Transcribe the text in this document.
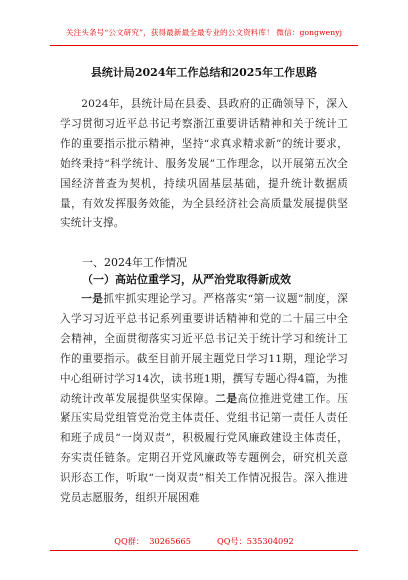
关注头条号“公文研究”，获得最新最全最专业的公文资料库！ 微信：gongwenyj
县统计局2024年工作总结和2025年工作思路
2024年，县统计局在县委、县政府的正确领导下，深入学习贯彻习近平总书记考察浙江重要讲话精神和关于统计工作的重要指示批示精神，坚持“求真求精求新”的统计要求，始终秉持“科学统计、服务发展”工作理念，以开展第五次全国经济普查为契机，持续巩固基层基础，提升统计数据质量，有效发挥服务效能，为全县经济社会高质量发展提供坚实统计支撑。
一、2024年工作情况
（一）高站位重学习，从严治党取得新成效
一是抓牢抓实理论学习。严格落实“第一议题”制度，深入学习习近平总书记系列重要讲话精神和党的二十届三中全会精神，全面贯彻落实习近平总书记关于统计学习和统计工作的重要指示。截至目前开展主题党日学习11期，理论学习中心组研讨学习14次，读书班1期，撰写专题心得4篇，为推动统计改革发展提供坚实保障。二是高位推进党建工作。压紧压实局党组管党治党主体责任、党组书记第一责任人责任和班子成员“一岗双责”，积极履行党风廉政建设主体责任，夯实责任链条。定期召开党风廉政等专题例会，研究机关意识形态工作，听取“一岗双责”相关工作情况报告。深入推进党员志愿服务，组织开展困难
QQ群：  30265665          QQ号：535304092
